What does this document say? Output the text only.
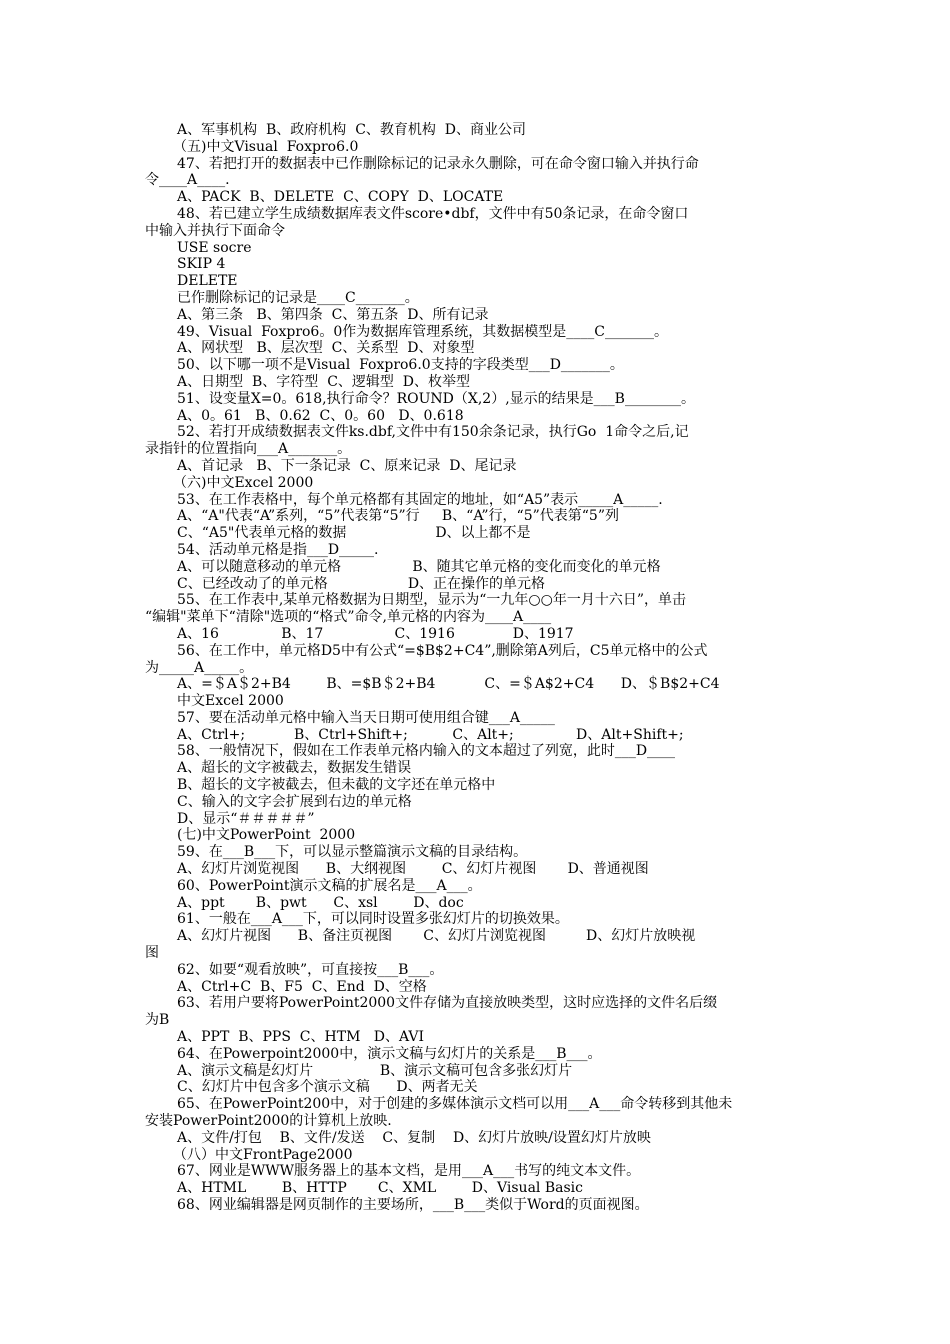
A、军事机构  B、政府机构  C、教育机构  D、商业公司
（五)中文Visual  Foxpro6.0
47、若把打开的数据表中已作删除标记的记录永久删除，可在命令窗口输入并执行命
令____A____.
A、PACK  B、DELETE  C、COPY  D、LOCATE
48、若已建立学生成绩数据库表文件score•dbf，文件中有50条记录，在命令窗口
中输入并执行下面命令
USE socre
SKIP 4
DELETE
已作删除标记的记录是____C_______。
A、第三条   B、第四条  C、第五条  D、所有记录
49、Visual  Foxpro6。0作为数据库管理系统，其数据模型是____C_______。
A、网状型   B、层次型  C、关系型  D、对象型
50、以下哪一项不是Visual  Foxpro6.0支持的字段类型___D_______。
A、日期型  B、字符型  C、逻辑型  D、枚举型
51、设变量X=0。618,执行命令？ROUND（X,2）,显示的结果是___B________。
A、0。61   B、0.62  C、0。60   D、0.618
52、若打开成绩数据表文件ks.dbf,文件中有150余条记录，执行Go  1命令之后,记
录指针的位置指向___A_______。
A、首记录   B、下一条记录  C、原来记录  D、尾记录
（六)中文Excel 2000
53、在工作表格中，每个单元格都有其固定的地址，如“A5”表示_____A_____.
A、“A"代表“A”系列，“5”代表第“5”行     B、“A”行，“5”代表第“5”列
C、“A5"代表单元格的数据                    D、以上都不是
54、活动单元格是指___D_____.
A、可以随意移动的单元格                B、随其它单元格的变化而变化的单元格
C、已经改动了的单元格                  D、正在操作的单元格
55、在工作表中,某单元格数据为日期型，显示为“一九年○○年一月十六日”，单击
“编辑"菜单下“清除"选项的“格式”命令,单元格的内容为____A____
A、16              B、17                C、1916             D、1917
56、在工作中，单元格D5中有公式“=$B$2+C4”,删除第A列后，C5单元格中的公式
为_____A_____。
A、=＄A＄2+B4        B、=$B＄2+B4           C、=＄A$2+C4      D、＄B$2+C4
中文Excel 2000
57、要在活动单元格中输入当天日期可使用组合键___A_____
A、Ctrl+;           B、Ctrl+Shift+;          C、Alt+;              D、Alt+Shift+;
58、一般情况下，假如在工作表单元格内输入的文本超过了列宽，此时___D____
A、超长的文字被截去，数据发生错误
B、超长的文字被截去，但未截的文字还在单元格中
C、输入的文字会扩展到右边的单元格
D、显示“＃＃＃＃＃”
(七)中文PowerPoint  2000
59、在___B___下，可以显示整篇演示文稿的目录结构。
A、幻灯片浏览视图      B、大纲视图        C、幻灯片视图       D、普通视图
60、PowerPoint演示文稿的扩展名是___A___。
A、ppt       B、pwt      C、xsl        D、doc
61、一般在___A___下，可以同时设置多张幻灯片的切换效果。
A、幻灯片视图      B、备注页视图       C、幻灯片浏览视图         D、幻灯片放映视
图
62、如要“观看放映”，可直接按___B___。
A、Ctrl+C  B、F5  C、End  D、空格
63、若用户要将PowerPoint2000文件存储为直接放映类型，这时应选择的文件名后缀
为B
A、PPT  B、PPS  C、HTM   D、AVI
64、在Powerpoint2000中，演示文稿与幻灯片的关系是___B___。
A、演示文稿是幻灯片               B、演示文稿可包含多张幻灯片
C、幻灯片中包含多个演示文稿      D、两者无关
65、在PowerPoint200中，对于创建的多媒体演示文档可以用___A___命令转移到其他未
安装PowerPoint2000的计算机上放映.
A、文件/打包    B、文件/发送    C、复制    D、幻灯片放映/设置幻灯片放映
（八）中文FrontPage2000
67、网业是WWW服务器上的基本文档，是用___A___书写的纯文本文件。
A、HTML        B、HTTP       C、XML        D、Visual Basic
68、网业编辑器是网页制作的主要场所，___B___类似于Word的页面视图。
